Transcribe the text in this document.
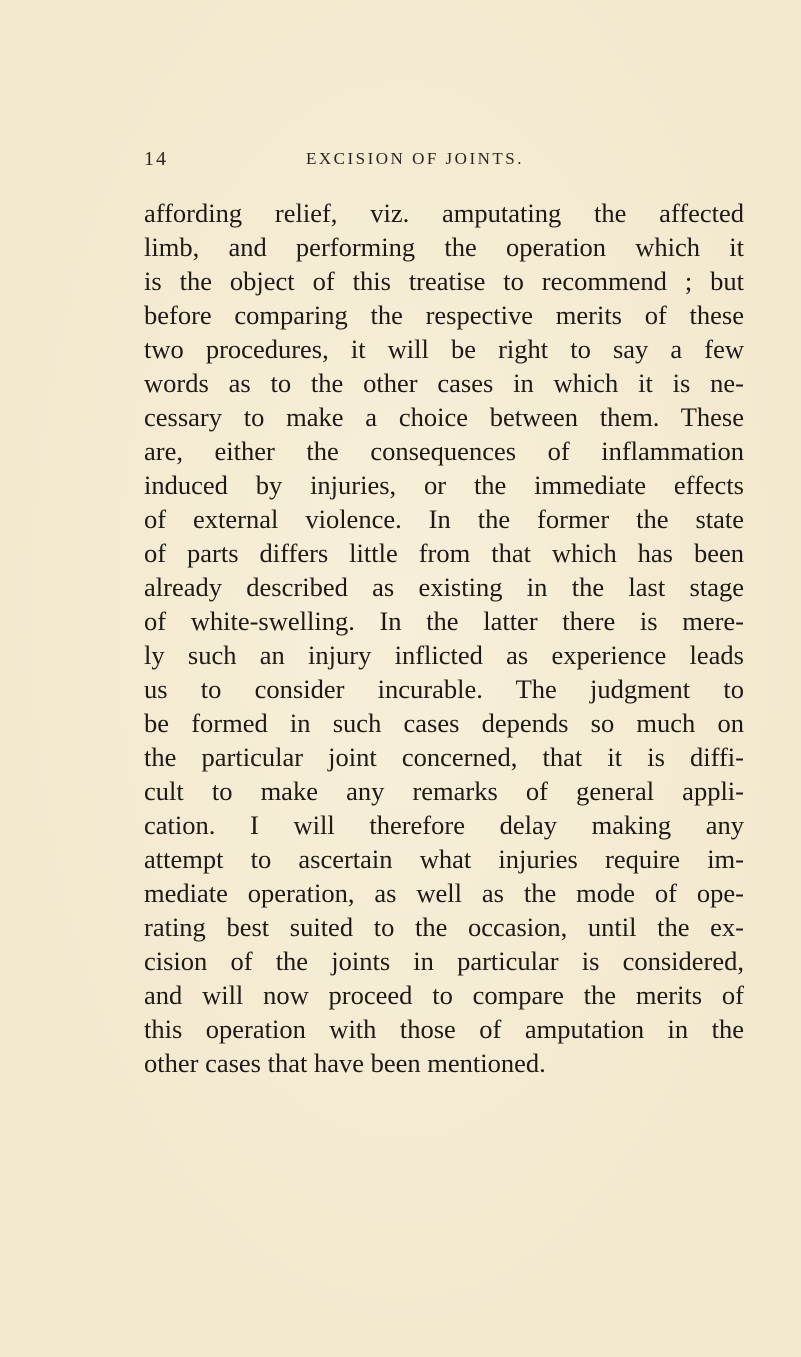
14	EXCISION OF JOINTS.
affording relief, viz. amputating the affected
limb, and performing the operation which it
is the object of this treatise to recommend ; but
before comparing the respective merits of these
two procedures, it will be right to say a few
words as to the other cases in which it is ne-
cessary to make a choice between them. These
are, either the consequences of inflammation
induced by injuries, or the immediate effects
of external violence. In the former the state
of parts differs little from that which has been
already described as existing in the last stage
of white-swelling. In the latter there is mere-
ly such an injury inflicted as experience leads
us to consider incurable. The judgment to
be formed in such cases depends so much on
the particular joint concerned, that it is diffi-
cult to make any remarks of general appli-
cation. I will therefore delay making any
attempt to ascertain what injuries require im-
mediate operation, as well as the mode of ope-
rating best suited to the occasion, until the ex-
cision of the joints in particular is considered,
and will now proceed to compare the merits of
this operation with those of amputation in the
other cases that have been mentioned.
